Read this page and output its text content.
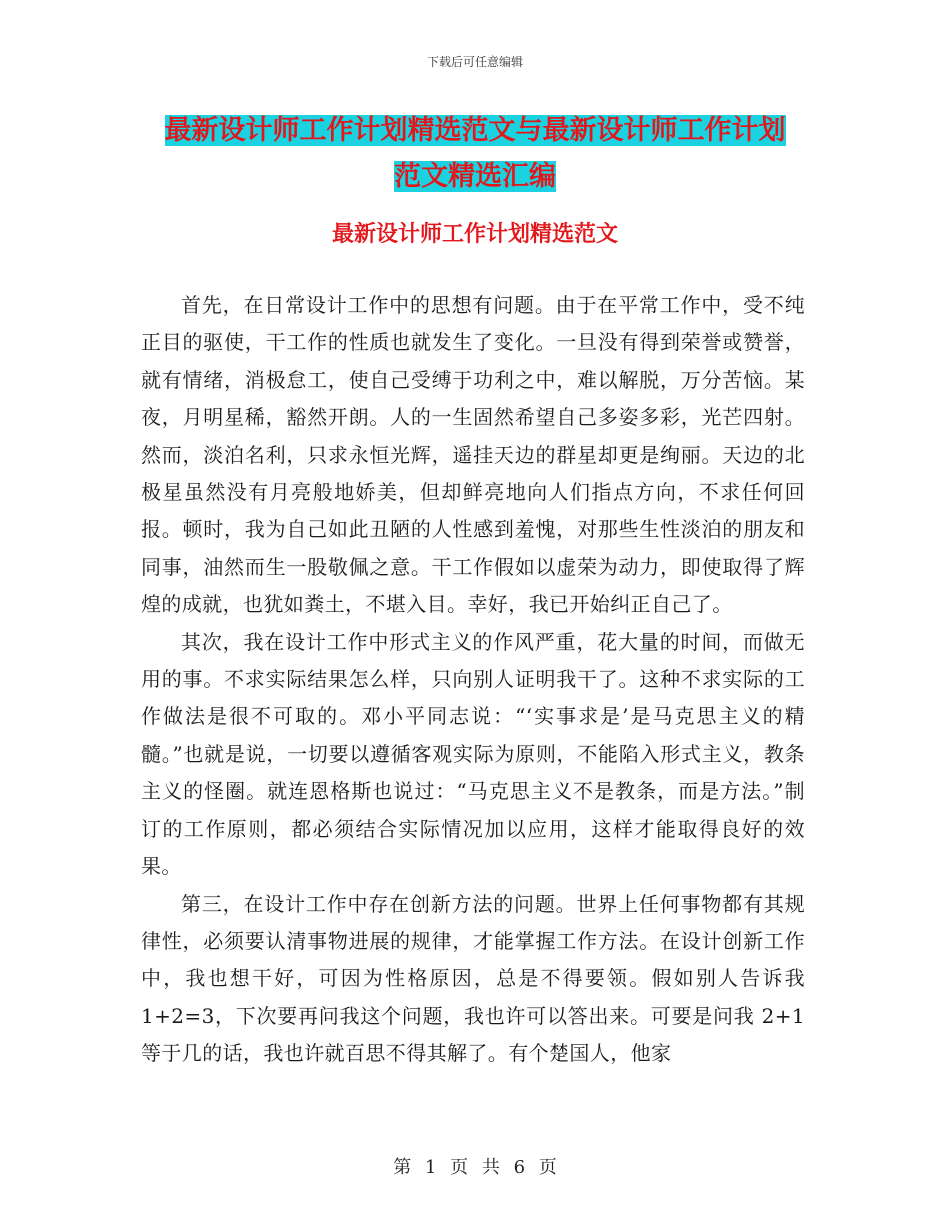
下载后可任意编辑
最新设计师工作计划精选范文与最新设计师工作计划
范文精选汇编
最新设计师工作计划精选范文

首先，在日常设计工作中的思想有问题。由于在平常工作中，受不纯正目的驱使，干工作的性质也就发生了变化。一旦没有得到荣誉或赞誉，就有情绪，消极怠工，使自己受缚于功利之中，难以解脱，万分苦恼。某夜，月明星稀，豁然开朗。人的一生固然希望自己多姿多彩，光芒四射。然而，淡泊名利，只求永恒光辉，遥挂天边的群星却更是绚丽。天边的北极星虽然没有月亮般地娇美，但却鲜亮地向人们指点方向，不求任何回报。顿时，我为自己如此丑陋的人性感到羞愧，对那些生性淡泊的朋友和同事，油然而生一股敬佩之意。干工作假如以虚荣为动力，即使取得了辉煌的成就，也犹如粪土，不堪入目。幸好，我已开始纠正自己了。

其次，我在设计工作中形式主义的作风严重，花大量的时间，而做无用的事。不求实际结果怎么样，只向别人证明我干了。这种不求实际的工作做法是很不可取的。邓小平同志说：“‘实事求是’是马克思主义的精髓。”也就是说，一切要以遵循客观实际为原则，不能陷入形式主义，教条主义的怪圈。就连恩格斯也说过：“马克思主义不是教条，而是方法。”制订的工作原则，都必须结合实际情况加以应用，这样才能取得良好的效果。

第三，在设计工作中存在创新方法的问题。世界上任何事物都有其规律性，必须要认清事物进展的规律，才能掌握工作方法。在设计创新工作中，我也想干好，可因为性格原因，总是不得要领。假如别人告诉我 1+2=3，下次要再问我这个问题，我也许可以答出来。可要是问我 2+1 等于几的话，我也许就百思不得其解了。有个楚国人，他家

第 1 页 共 6 页
